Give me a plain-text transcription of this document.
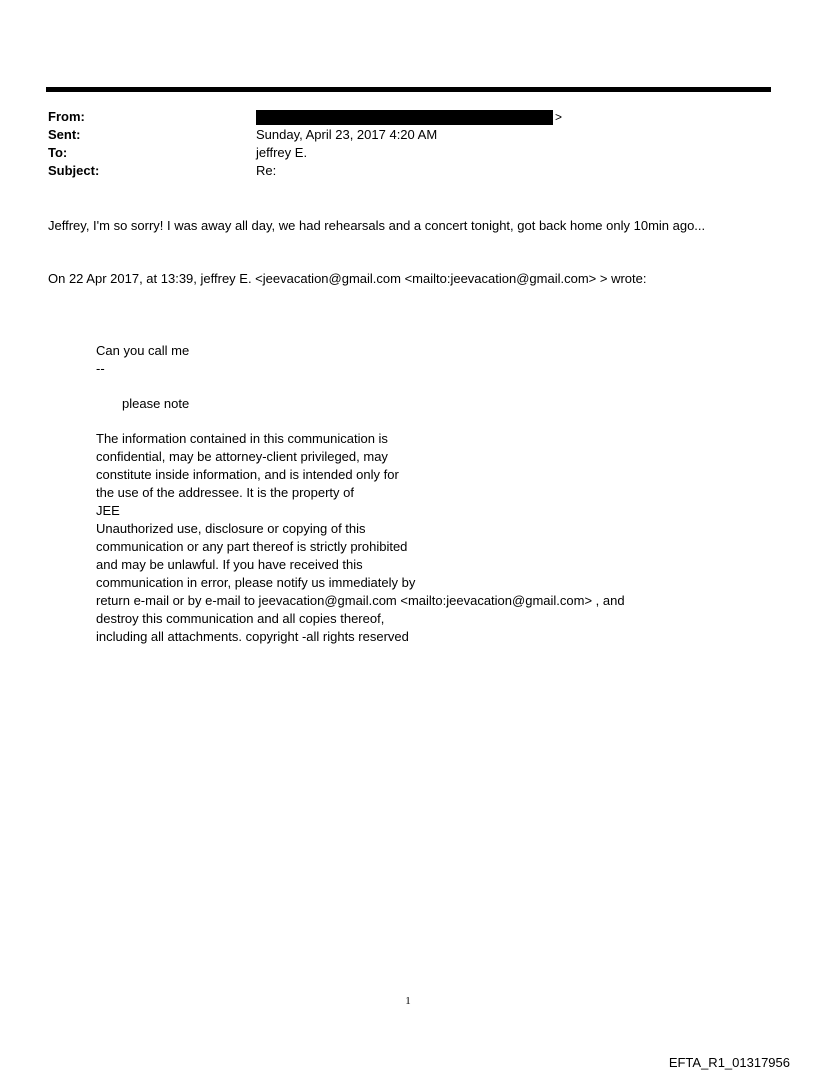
From:	>
Sent:	Sunday, April 23, 2017 4:20 AM
To:	jeffrey E.
Subject:	Re:
Jeffrey, I'm so sorry! I was away all day, we had rehearsals and a concert tonight, got back home only 10min ago...
On 22 Apr 2017, at 13:39, jeffrey E. <jeevacation@gmail.com <mailto:jeevacation@gmail.com> > wrote:
Can you call me
--
please note
The information contained in this communication is
confidential, may be attorney-client privileged, may
constitute inside information, and is intended only for
the use of the addressee. It is the property of
JEE
Unauthorized use, disclosure or copying of this
communication or any part thereof is strictly prohibited
and may be unlawful. If you have received this
communication in error, please notify us immediately by
return e-mail or by e-mail to jeevacation@gmail.com <mailto:jeevacation@gmail.com> , and
destroy this communication and all copies thereof,
including all attachments. copyright -all rights reserved
1
EFTA_R1_01317956
